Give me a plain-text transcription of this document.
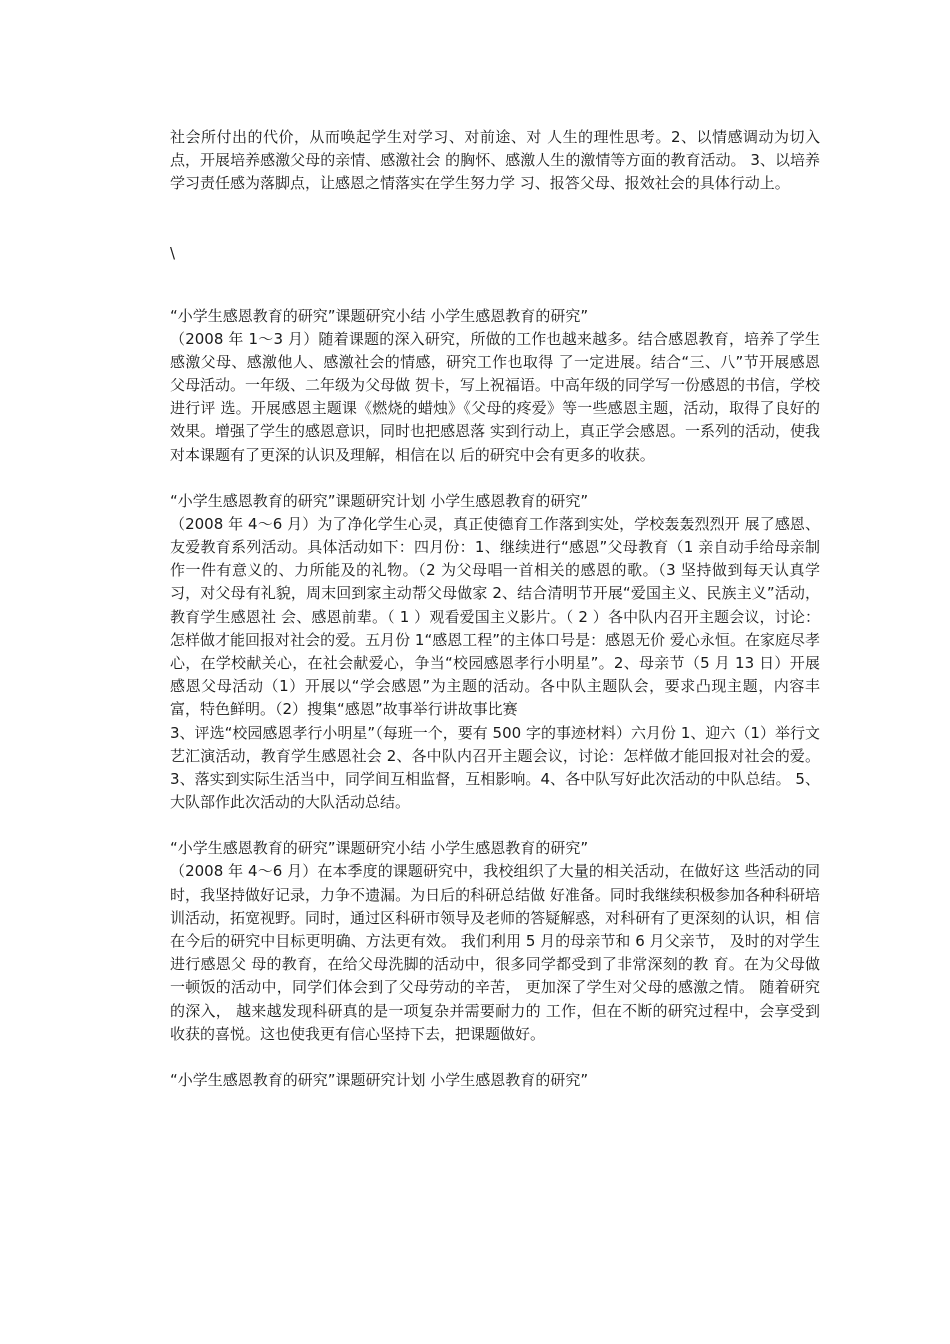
社会所付出的代价，从而唤起学生对学习、对前途、对 人生的理性思考。2、以情感调动为切入点，开展培养感激父母的亲情、感激社会 的胸怀、感激人生的激情等方面的教育活动。 3、以培养学习责任感为落脚点，让感恩之情落实在学生努力学 习、报答父母、报效社会的具体行动上。

\

“小学生感恩教育的研究”课题研究小结 小学生感恩教育的研究”

（2008 年 1～3 月）随着课题的深入研究，所做的工作也越来越多。结合感恩教育，培养了学生感激父母、感激他人、感激社会的情感，研究工作也取得 了一定进展。结合“三、八”节开展感恩父母活动。一年级、二年级为父母做 贺卡，写上祝福语。中高年级的同学写一份感恩的书信，学校进行评 选。开展感恩主题课《燃烧的蜡烛》《父母的疼爱》等一些感恩主题，活动，取得了良好的效果。增强了学生的感恩意识，同时也把感恩落 实到行动上，真正学会感恩。一系列的活动，使我对本课题有了更深的认识及理解，相信在以 后的研究中会有更多的收获。

“小学生感恩教育的研究”课题研究计划 小学生感恩教育的研究”

（2008 年 4～6 月）为了净化学生心灵，真正使德育工作落到实处，学校轰轰烈烈开 展了感恩、友爱教育系列活动。具体活动如下：四月份：1、继续进行“感恩”父母教育（1 亲自动手给母亲制作一件有意义的、力所能及的礼物。（2 为父母唱一首相关的感恩的歌。（3 坚持做到每天认真学习，对父母有礼貌，周末回到家主动帮父母做家 2、结合清明节开展“爱国主义、民族主义”活动，教育学生感恩社 会、感恩前辈。（ 1 ）观看爱国主义影片。（ 2 ）各中队内召开主题会议，讨论：怎样做才能回报对社会的爱。五月份 1“感恩工程”的主体口号是：感恩无价 爱心永恒。在家庭尽孝心，在学校献关心，在社会献爱心，争当“校园感恩孝行小明星”。2、母亲节（5 月 13 日）开展感恩父母活动（1）开展以“学会感恩”为主题的活动。各中队主题队会，要求凸现主题，内容丰富，特色鲜明。（2）搜集“感恩”故事举行讲故事比赛

3、评选“校园感恩孝行小明星”（每班一个，要有 500 字的事迹材料）六月份 1、迎六（1）举行文艺汇演活动，教育学生感恩社会 2、各中队内召开主题会议，讨论：怎样做才能回报对社会的爱。3、落实到实际生活当中，同学间互相监督，互相影响。4、各中队写好此次活动的中队总结。 5、 大队部作此次活动的大队活动总结。

“小学生感恩教育的研究”课题研究小结 小学生感恩教育的研究”

（2008 年 4～6 月）在本季度的课题研究中，我校组织了大量的相关活动，在做好这 些活动的同时，我坚持做好记录，力争不遗漏。为日后的科研总结做 好准备。同时我继续积极参加各种科研培训活动，拓宽视野。同时，通过区科研市领导及老师的答疑解惑，对科研有了更深刻的认识，相 信在今后的研究中目标更明确、方法更有效。 我们利用 5 月的母亲节和 6 月父亲节， 及时的对学生进行感恩父 母的教育，在给父母洗脚的活动中，很多同学都受到了非常深刻的教 育。在为父母做一顿饭的活动中，同学们体会到了父母劳动的辛苦， 更加深了学生对父母的感激之情。 随着研究的深入， 越来越发现科研真的是一项复杂并需要耐力的 工作，但在不断的研究过程中，会享受到收获的喜悦。这也使我更有信心坚持下去，把课题做好。

“小学生感恩教育的研究”课题研究计划 小学生感恩教育的研究”
